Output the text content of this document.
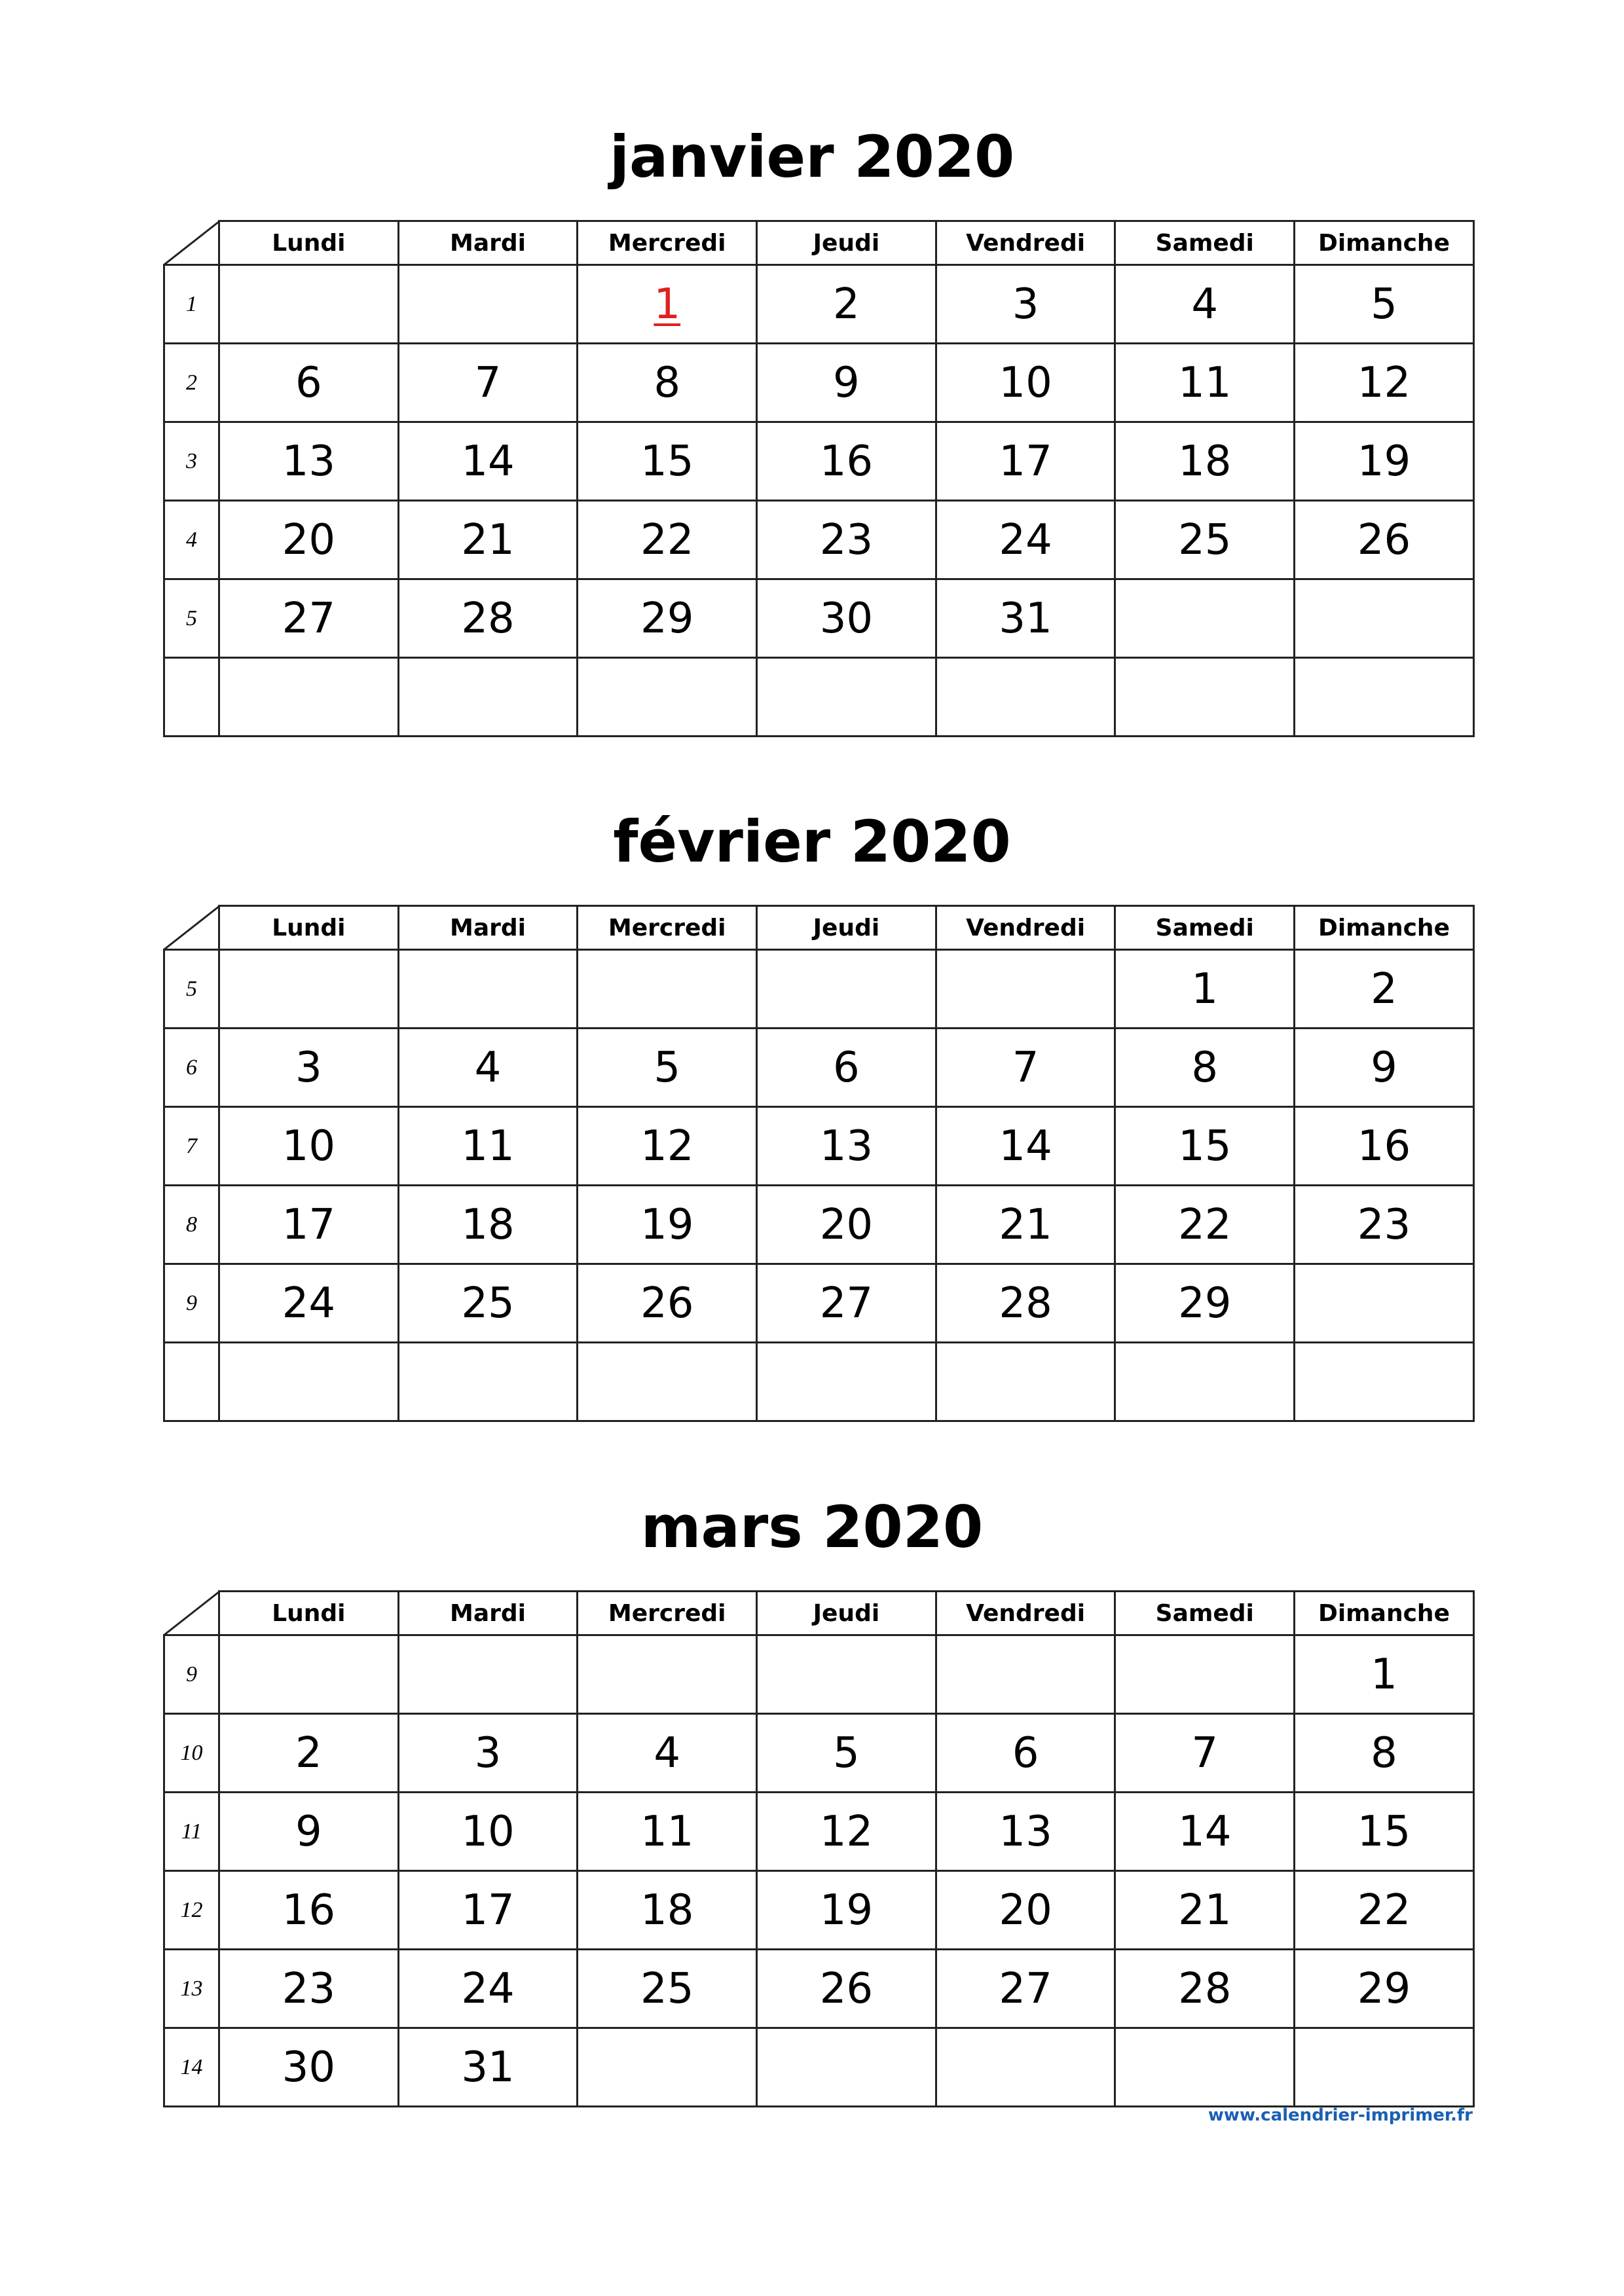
janvier 2020
	Lundi	Mardi	Mercredi	Jeudi	Vendredi	Samedi	Dimanche
1			1	2	3	4	5
2	6	7	8	9	10	11	12
3	13	14	15	16	17	18	19
4	20	21	22	23	24	25	26
5	27	28	29	30	31		

février 2020
	Lundi	Mardi	Mercredi	Jeudi	Vendredi	Samedi	Dimanche
5						1	2
6	3	4	5	6	7	8	9
7	10	11	12	13	14	15	16
8	17	18	19	20	21	22	23
9	24	25	26	27	28	29	

mars 2020
	Lundi	Mardi	Mercredi	Jeudi	Vendredi	Samedi	Dimanche
9							1
10	2	3	4	5	6	7	8
11	9	10	11	12	13	14	15
12	16	17	18	19	20	21	22
13	23	24	25	26	27	28	29
14	30	31					
www.calendrier-imprimer.fr
